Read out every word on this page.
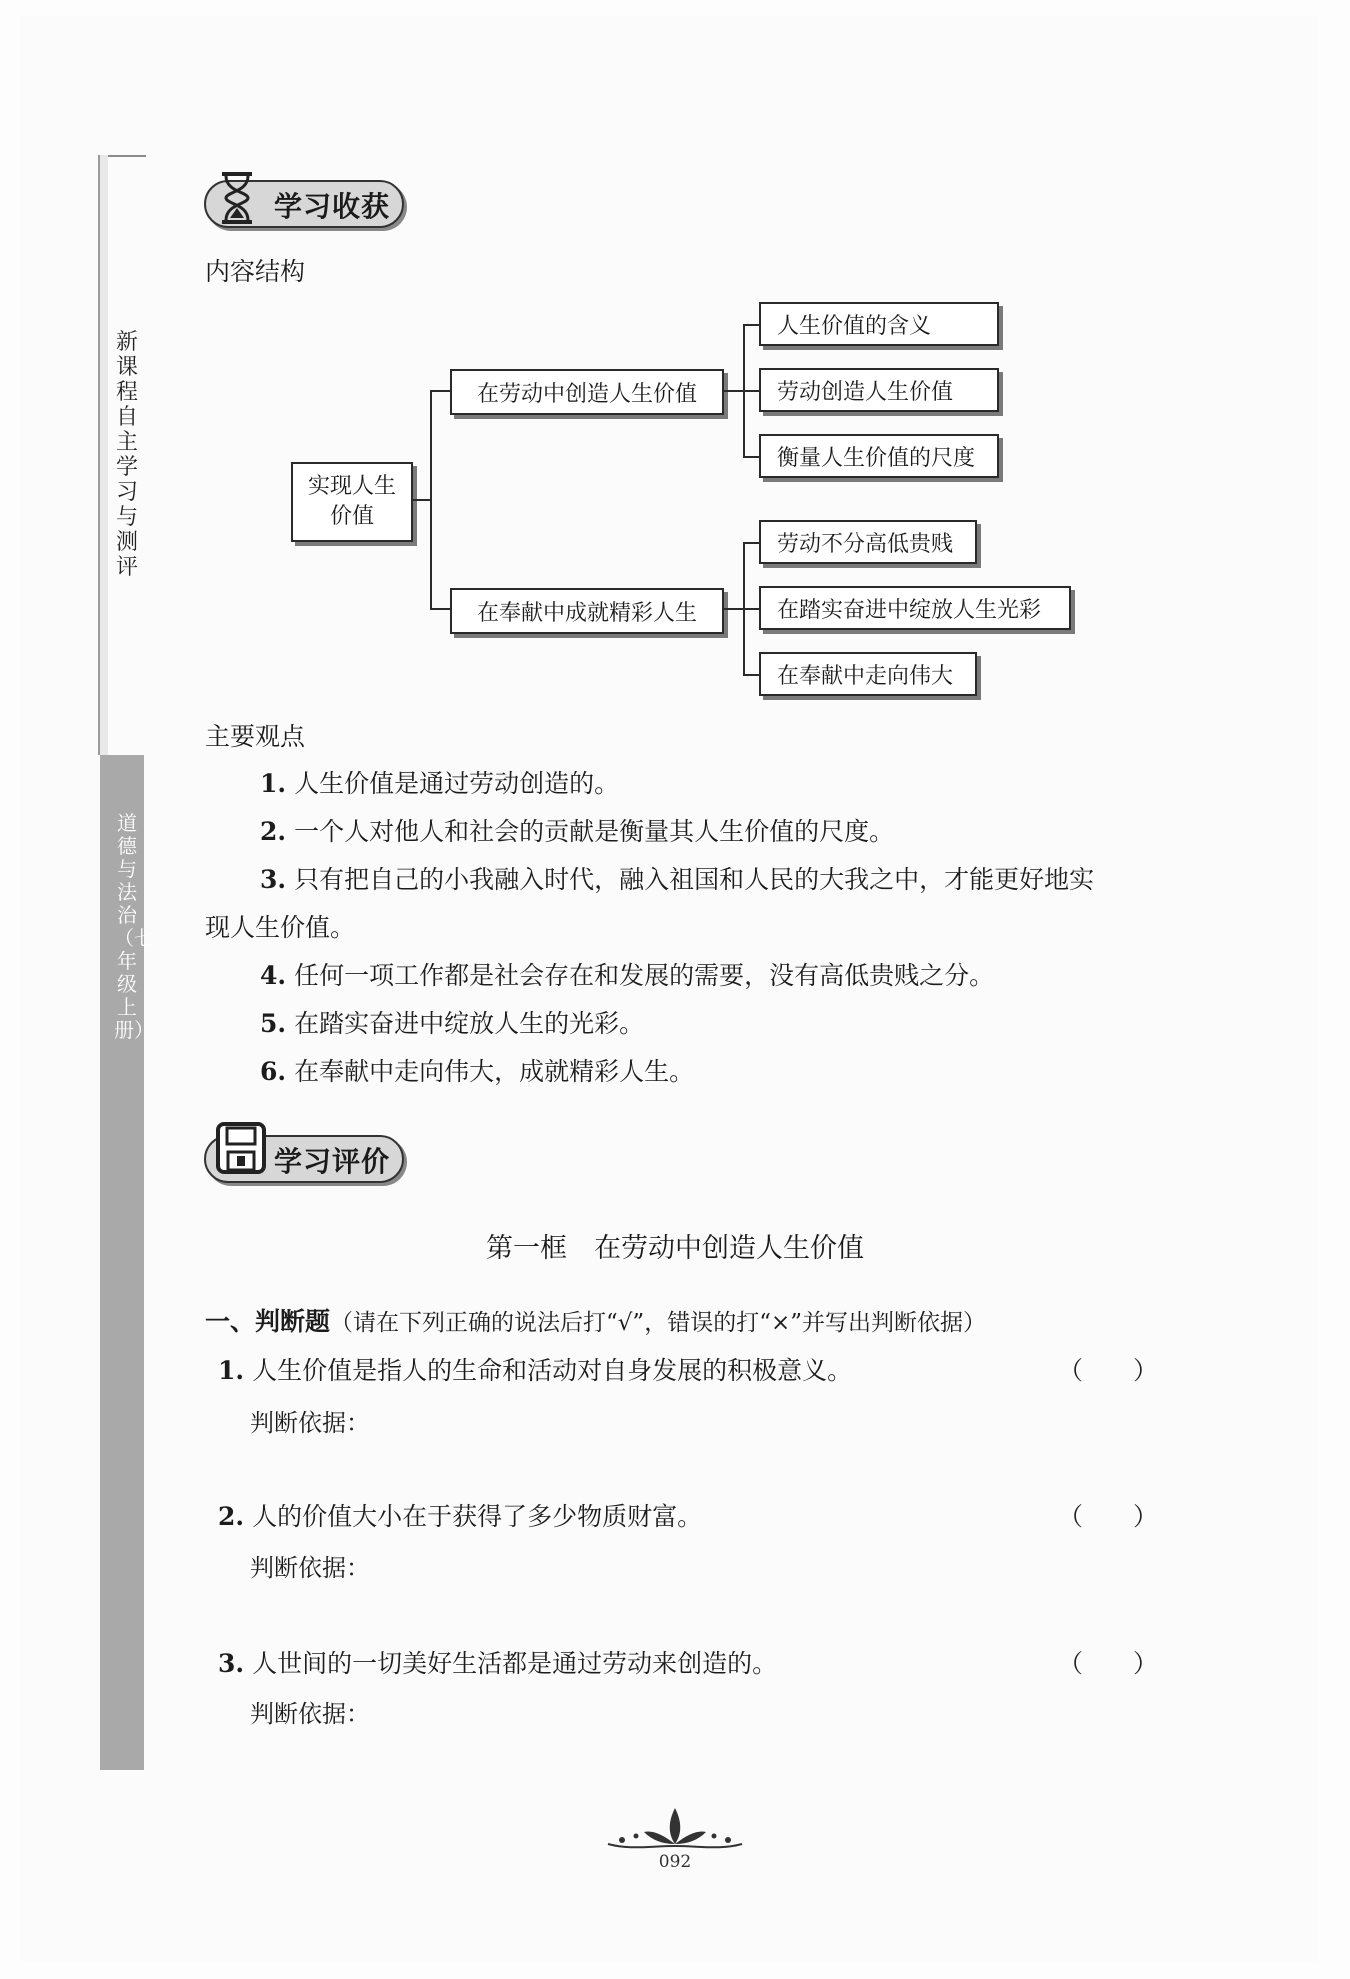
新课程自主学习与测评
道德与法治（七年级上册）
学习收获
内容结构
实现人生价值
在劳动中创造人生价值
人生价值的含义
劳动创造人生价值
衡量人生价值的尺度
在奉献中成就精彩人生
劳动不分高低贵贱
在踏实奋进中绽放人生光彩
在奉献中走向伟大
主要观点
1. 人生价值是通过劳动创造的。
2. 一个人对他人和社会的贡献是衡量其人生价值的尺度。
3. 只有把自己的小我融入时代，融入祖国和人民的大我之中，才能更好地实
现人生价值。
4. 任何一项工作都是社会存在和发展的需要，没有高低贵贱之分。
5. 在踏实奋进中绽放人生的光彩。
6. 在奉献中走向伟大，成就精彩人生。
学习评价
第一框　在劳动中创造人生价值
一、判断题（请在下列正确的说法后打“√”，错误的打“×”并写出判断依据）
1. 人生价值是指人的生命和活动对自身发展的积极意义。	（　　）
判断依据：
2. 人的价值大小在于获得了多少物质财富。	（　　）
判断依据：
3. 人世间的一切美好生活都是通过劳动来创造的。	（　　）
判断依据：
092
